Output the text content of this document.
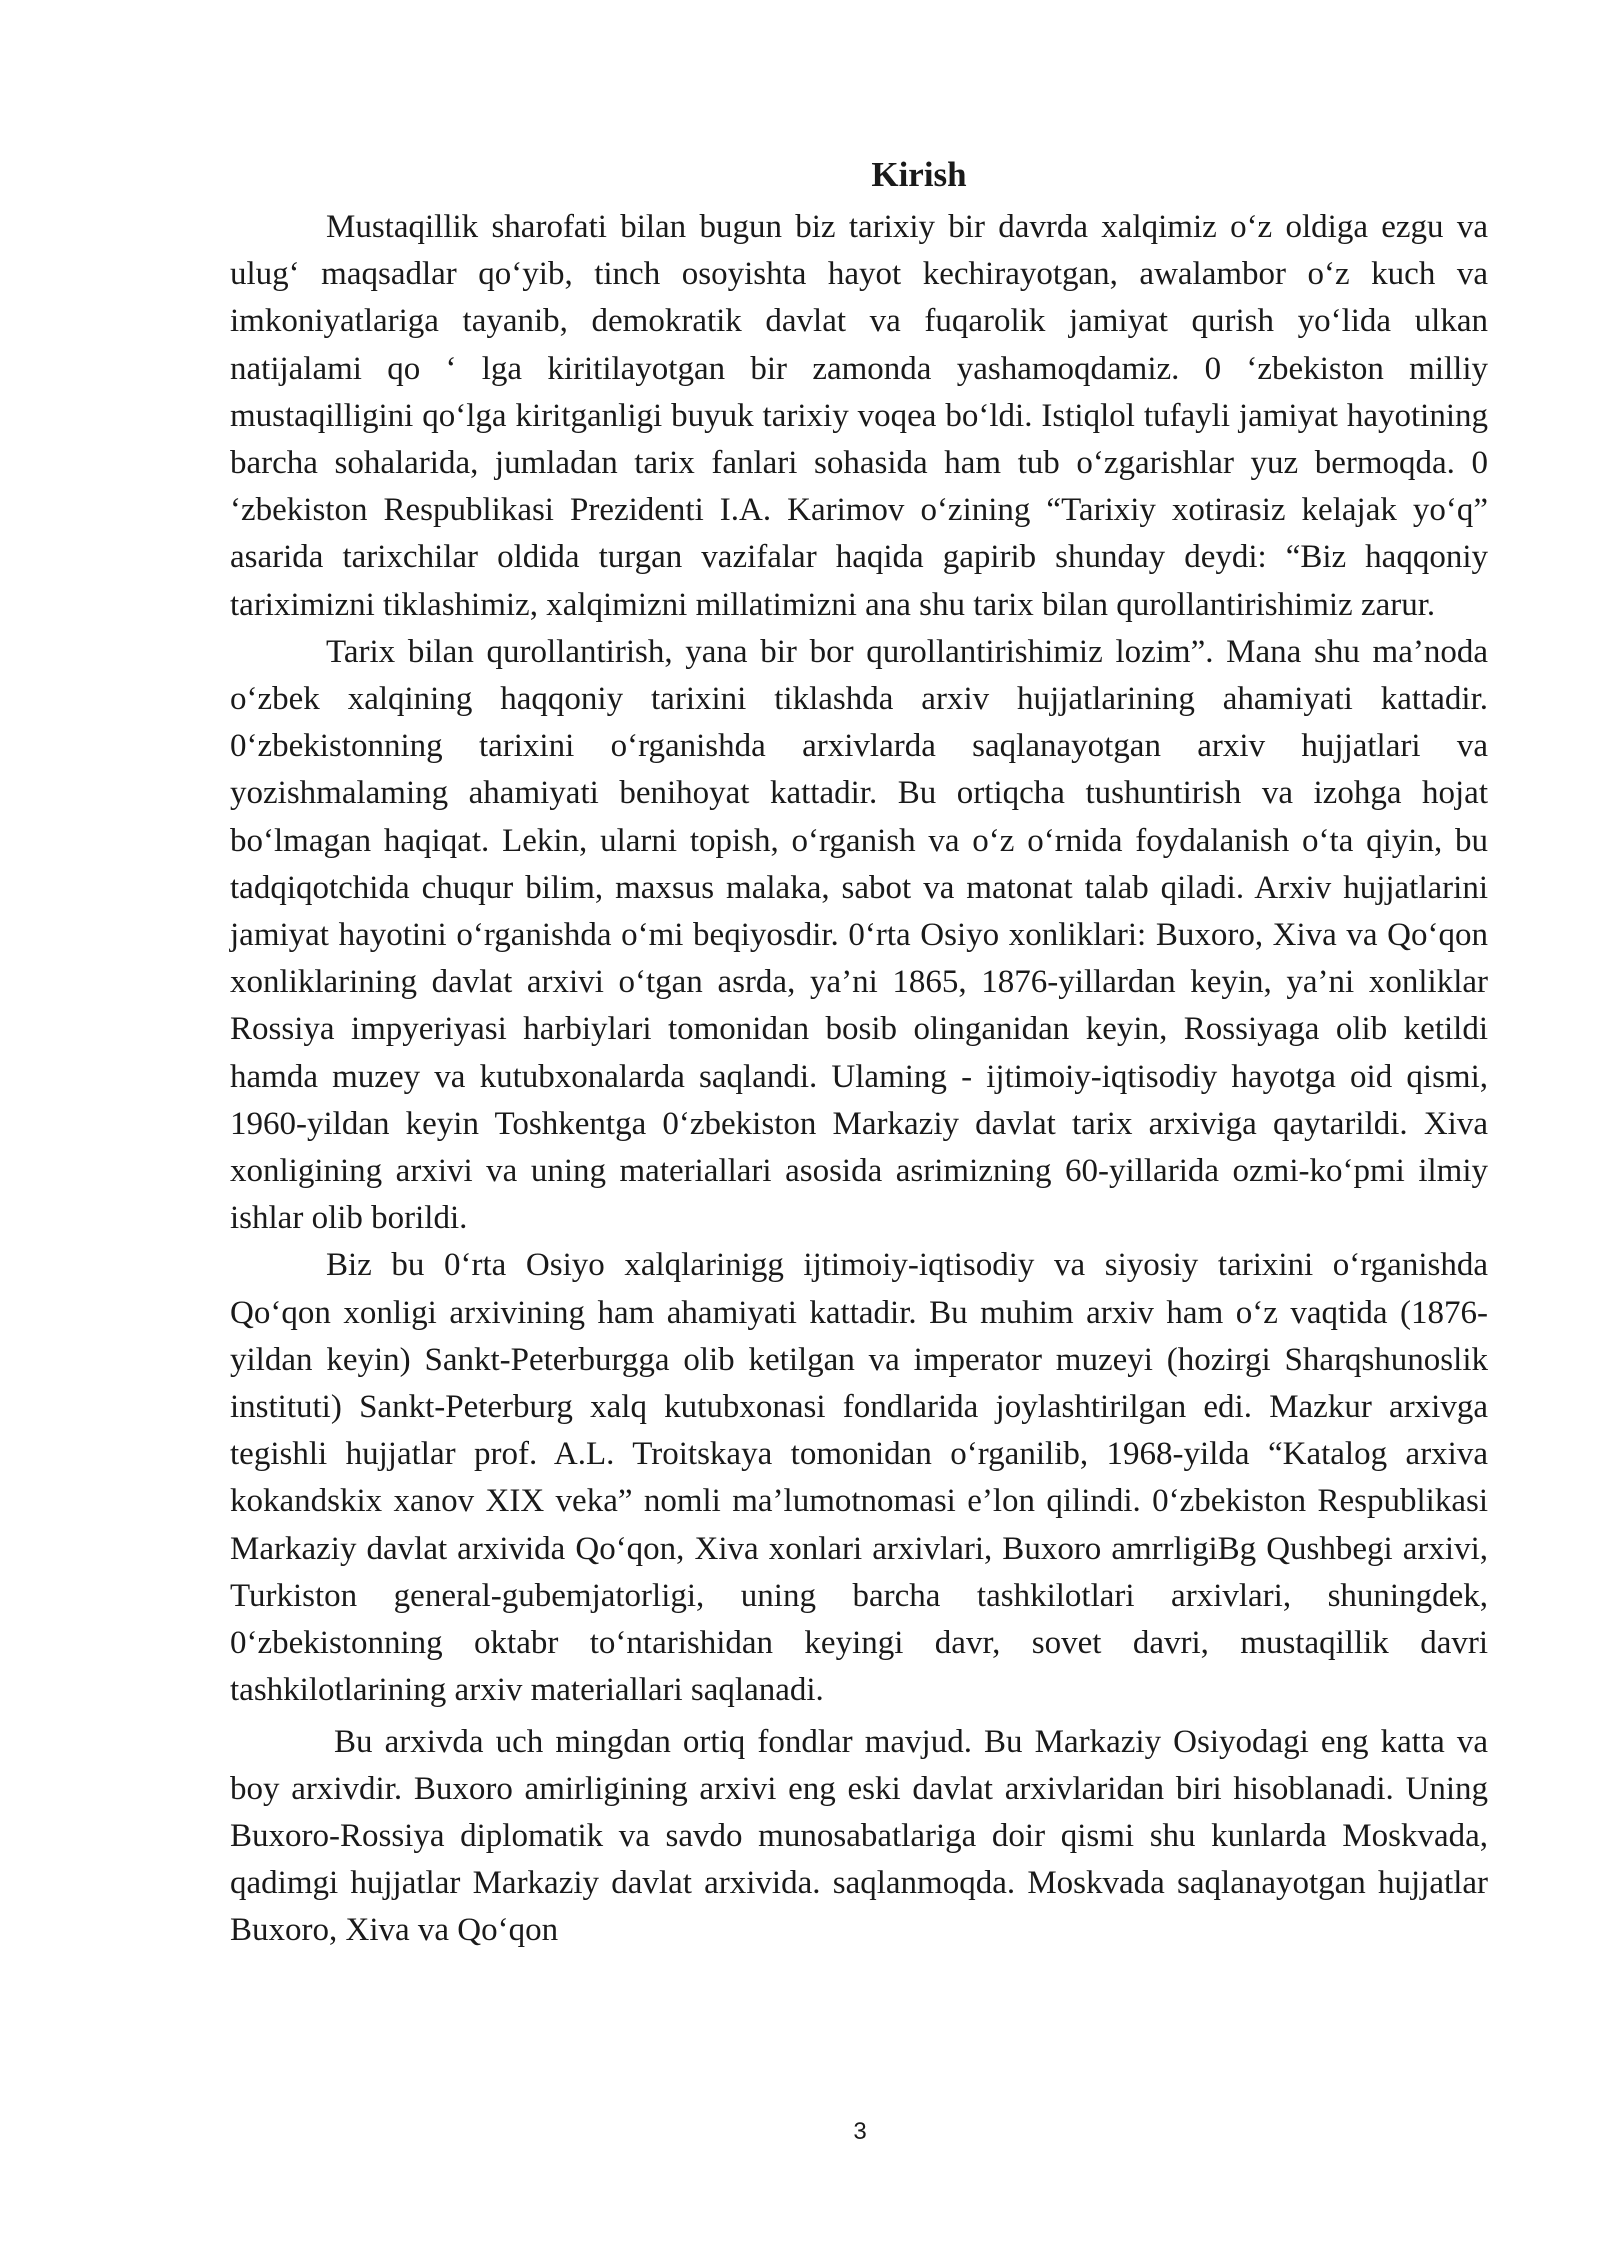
Kirish

Mustaqillik sharofati bilan bugun biz tarixiy bir davrda xalqimiz o‘z oldiga ezgu va ulug‘ maqsadlar qo‘yib, tinch osoyishta hayot kechirayotgan, awalambor o‘z kuch va imkoniyatlariga tayanib, demokratik davlat va fuqarolik jamiyat qurish yo‘lida ulkan natijalami qo ‘ lga kiritilayotgan bir zamonda yashamoqdamiz. 0 ‘zbekiston milliy mustaqilligini qo‘lga kiritganligi buyuk tarixiy voqea bo‘ldi. Istiqlol tufayli jamiyat hayotining barcha sohalarida, jumladan tarix fanlari sohasida ham tub o‘zgarishlar yuz bermoqda. 0 ‘zbekiston Respublikasi Prezidenti I.A. Karimov o‘zining “Tarixiy xotirasiz kelajak yo‘q” asarida tarixchilar oldida turgan vazifalar haqida gapirib shunday deydi: “Biz haqqoniy tariximizni tiklashimiz, xalqimizni millatimizni ana shu tarix bilan qurollantirishimiz zarur.

Tarix bilan qurollantirish, yana bir bor qurollantirishimiz lozim”. Mana shu ma’noda o‘zbek xalqining haqqoniy tarixini tiklashda arxiv hujjatlarining ahamiyati kattadir. 0‘zbekistonning tarixini o‘rganishda arxivlarda saqlanayotgan arxiv hujjatlari va yozishmalaming ahamiyati benihoyat kattadir. Bu ortiqcha tushuntirish va izohga hojat bo‘lmagan haqiqat. Lekin, ularni topish, o‘rganish va o‘z o‘rnida foydalanish o‘ta qiyin, bu tadqiqotchida chuqur bilim, maxsus malaka, sabot va matonat talab qiladi. Arxiv hujjatlarini jamiyat hayotini o‘rganishda o‘mi beqiyosdir. 0‘rta Osiyo xonliklari: Buxoro, Xiva va Qo‘qon xonliklarining davlat arxivi o‘tgan asrda, ya’ni 1865, 1876-yillardan keyin, ya’ni xonliklar Rossiya impyeriyasi harbiylari tomonidan bosib olinganidan keyin, Rossiyaga olib ketildi hamda muzey va kutubxonalarda saqlandi. Ulaming - ijtimoiy-iqtisodiy hayotga oid qismi, 1960-yildan keyin Toshkentga 0‘zbekiston Markaziy davlat tarix arxiviga qaytarildi. Xiva xonligining arxivi va uning materiallari asosida asrimizning 60-yillarida ozmi-ko‘pmi ilmiy ishlar olib borildi.

Biz bu 0‘rta Osiyo xalqlarinigg ijtimoiy-iqtisodiy va siyosiy tarixini o‘rganishda Qo‘qon xonligi arxivining ham ahamiyati kattadir. Bu muhim arxiv ham o‘z vaqtida (1876-yildan keyin) Sankt-Peterburgga olib ketilgan va imperator muzeyi (hozirgi Sharqshunoslik instituti) Sankt-Peterburg xalq kutubxonasi fondlarida joylashtirilgan edi. Mazkur arxivga tegishli hujjatlar prof. A.L. Troitskaya tomonidan o‘rganilib, 1968-yilda “Katalog arxiva kokandskix xanov XIX veka” nomli ma’lumotnomasi e’lon qilindi. 0‘zbekiston Respublikasi Markaziy davlat arxivida Qo‘qon, Xiva xonlari arxivlari, Buxoro amrrligiBg Qushbegi arxivi, Turkiston general-gubemjatorligi, uning barcha tashkilotlari arxivlari, shuningdek, 0‘zbekistonning oktabr to‘ntarishidan keyingi davr, sovet davri, mustaqillik davri tashkilotlarining arxiv materiallari saqlanadi.

Bu arxivda uch mingdan ortiq fondlar mavjud. Bu Markaziy Osiyodagi eng katta va boy arxivdir. Buxoro amirligining arxivi eng eski davlat arxivlaridan biri hisoblanadi. Uning Buxoro-Rossiya diplomatik va savdo munosabatlariga doir qismi shu kunlarda Moskvada, qadimgi hujjatlar Markaziy davlat arxivida. saqlanmoqda. Moskvada saqlanayotgan hujjatlar Buxoro, Xiva va Qo‘qon

3
